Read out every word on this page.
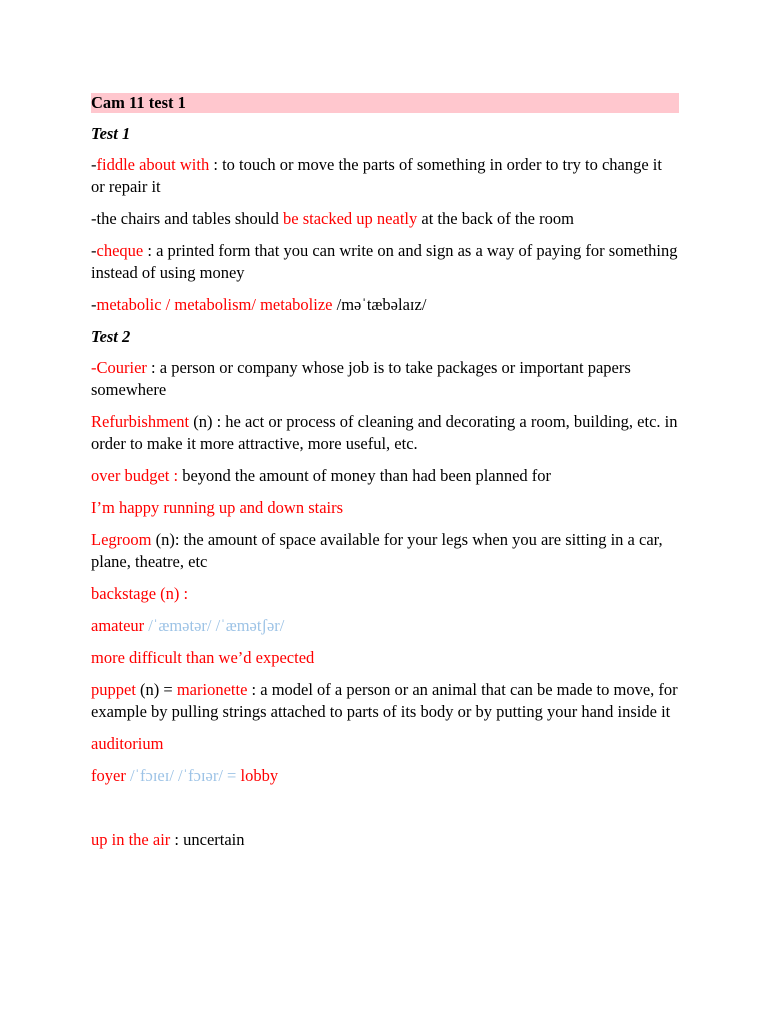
Cam 11 test 1
Test 1
-fiddle about with : to touch or move the parts of something in order to try to change it or repair it
-the chairs and tables should be stacked up neatly at the back of the room
-cheque : a printed form that you can write on and sign as a way of paying for something instead of using money
-metabolic / metabolism/ metabolize /məˈtæbəlaɪz/
Test 2
-Courier : a person or company whose job is to take packages or important papers somewhere
Refurbishment (n) : he act or process of cleaning and decorating a room, building, etc. in order to make it more attractive, more useful, etc.
over budget : beyond the amount of money than had been planned for
I’m happy running up and down stairs
Legroom (n): the amount of space available for your legs when you are sitting in a car, plane, theatre, etc
backstage (n) :
amateur /ˈæmətər/ /ˈæmətʃər/
more difficult than we’d expected
puppet (n) = marionette : a model of a person or an animal that can be made to move, for example by pulling strings attached to parts of its body or by putting your hand inside it
auditorium
foyer /ˈfɔɪeɪ/ /ˈfɔɪər/ = lobby
up in the air : uncertain
